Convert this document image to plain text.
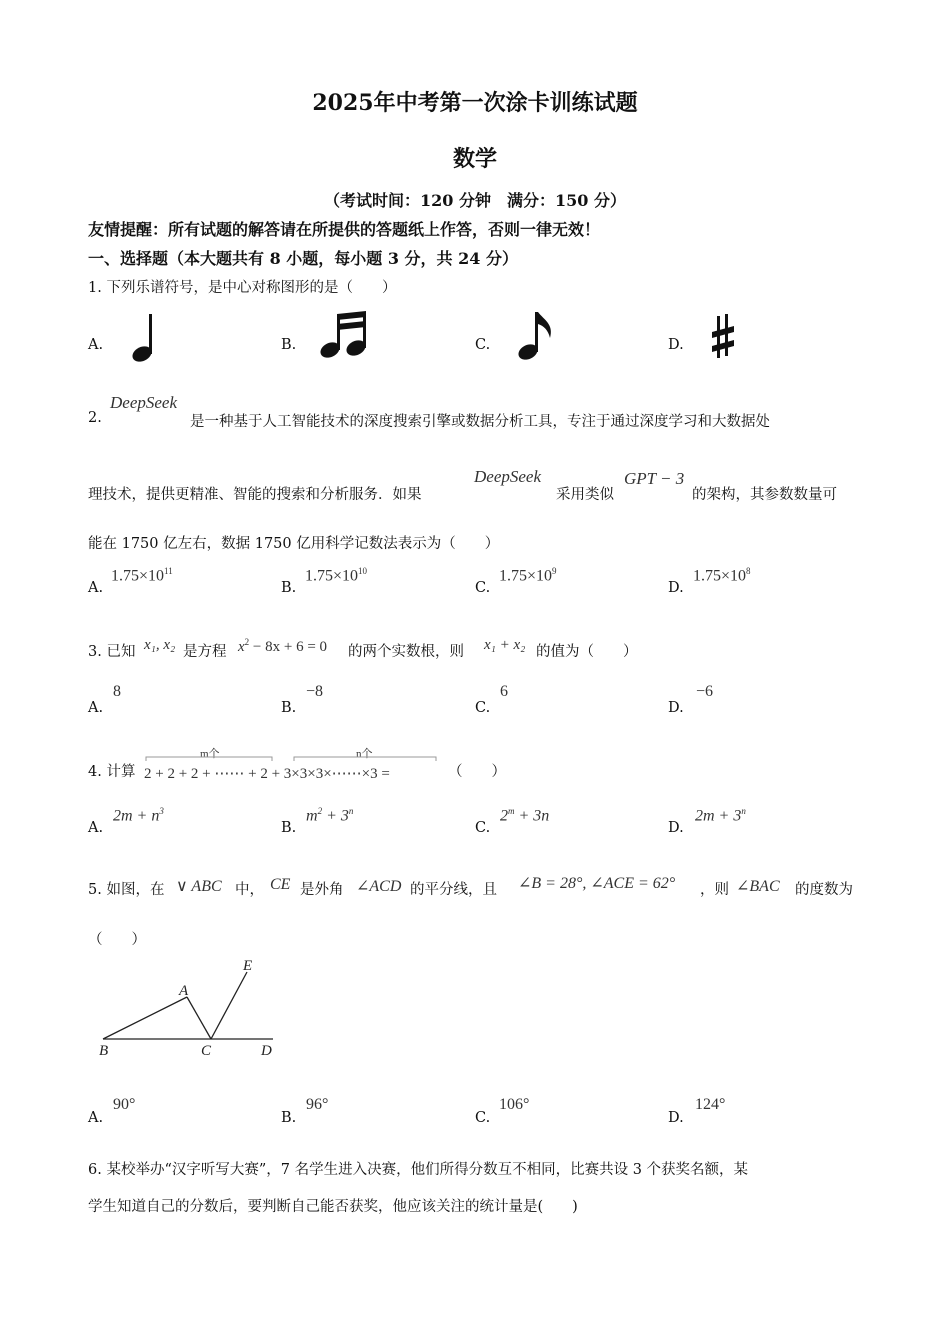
2025年中考第一次涂卡训练试题
数学
（考试时间：120 分钟　满分：150 分）
友情提醒：所有试题的解答请在所提供的答题纸上作答，否则一律无效！
一、选择题（本大题共有 8 小题，每小题 3 分，共 24 分）
1. 下列乐谱符号，是中心对称图形的是（　　）
A.	B.	C.	D.
2.
DeepSeek
是一种基于人工智能技术的深度搜索引擎或数据分析工具，专注于通过深度学习和大数据处
理技术，提供更精准、智能的搜索和分析服务．如果
DeepSeek
采用类似
GPT − 3
的架构，其参数数量可
能在 1750 亿左右，数据 1750 亿用科学记数法表示为（　　）
A.
$1.75\times 10^{11}$
B.
$1.75\times 10^{10}$
C.
$1.75\times 10^9$
D.
$1.75\times 10^8$
3. 已知 x₁, x₂ 是方程 $x^2 - 8x + 6 = 0$ 的两个实数根，则 x₁ + x₂ 的值为（　　）
A.
8
B.
−8
C.
6
D.
−6
4. 计算
m个	n个
2 + 2 + 2 + ⋯⋯ + 2 + 3×3×3×⋯⋯×3 =	（　　）
A.
$2m + n^3$
B.
$m^2 + 3^n$
C.
$2^m + 3n$
D.
$2m + 3^n$
5. 如图，在 ∨ ABC 中， CE 是外角 ∠ACD 的平分线，且 ∠B = 28°, ∠ACE = 62° ，则 ∠BAC 的度数为
（　　）
A
B	C	D
E
A.
90°
B.
96°
C.
106°
D.
124°
6. 某校举办“汉字听写大赛”，7 名学生进入决赛，他们所得分数互不相同，比赛共设 3 个获奖名额，某
学生知道自己的分数后，要判断自己能否获奖，他应该关注的统计量是(　　)
